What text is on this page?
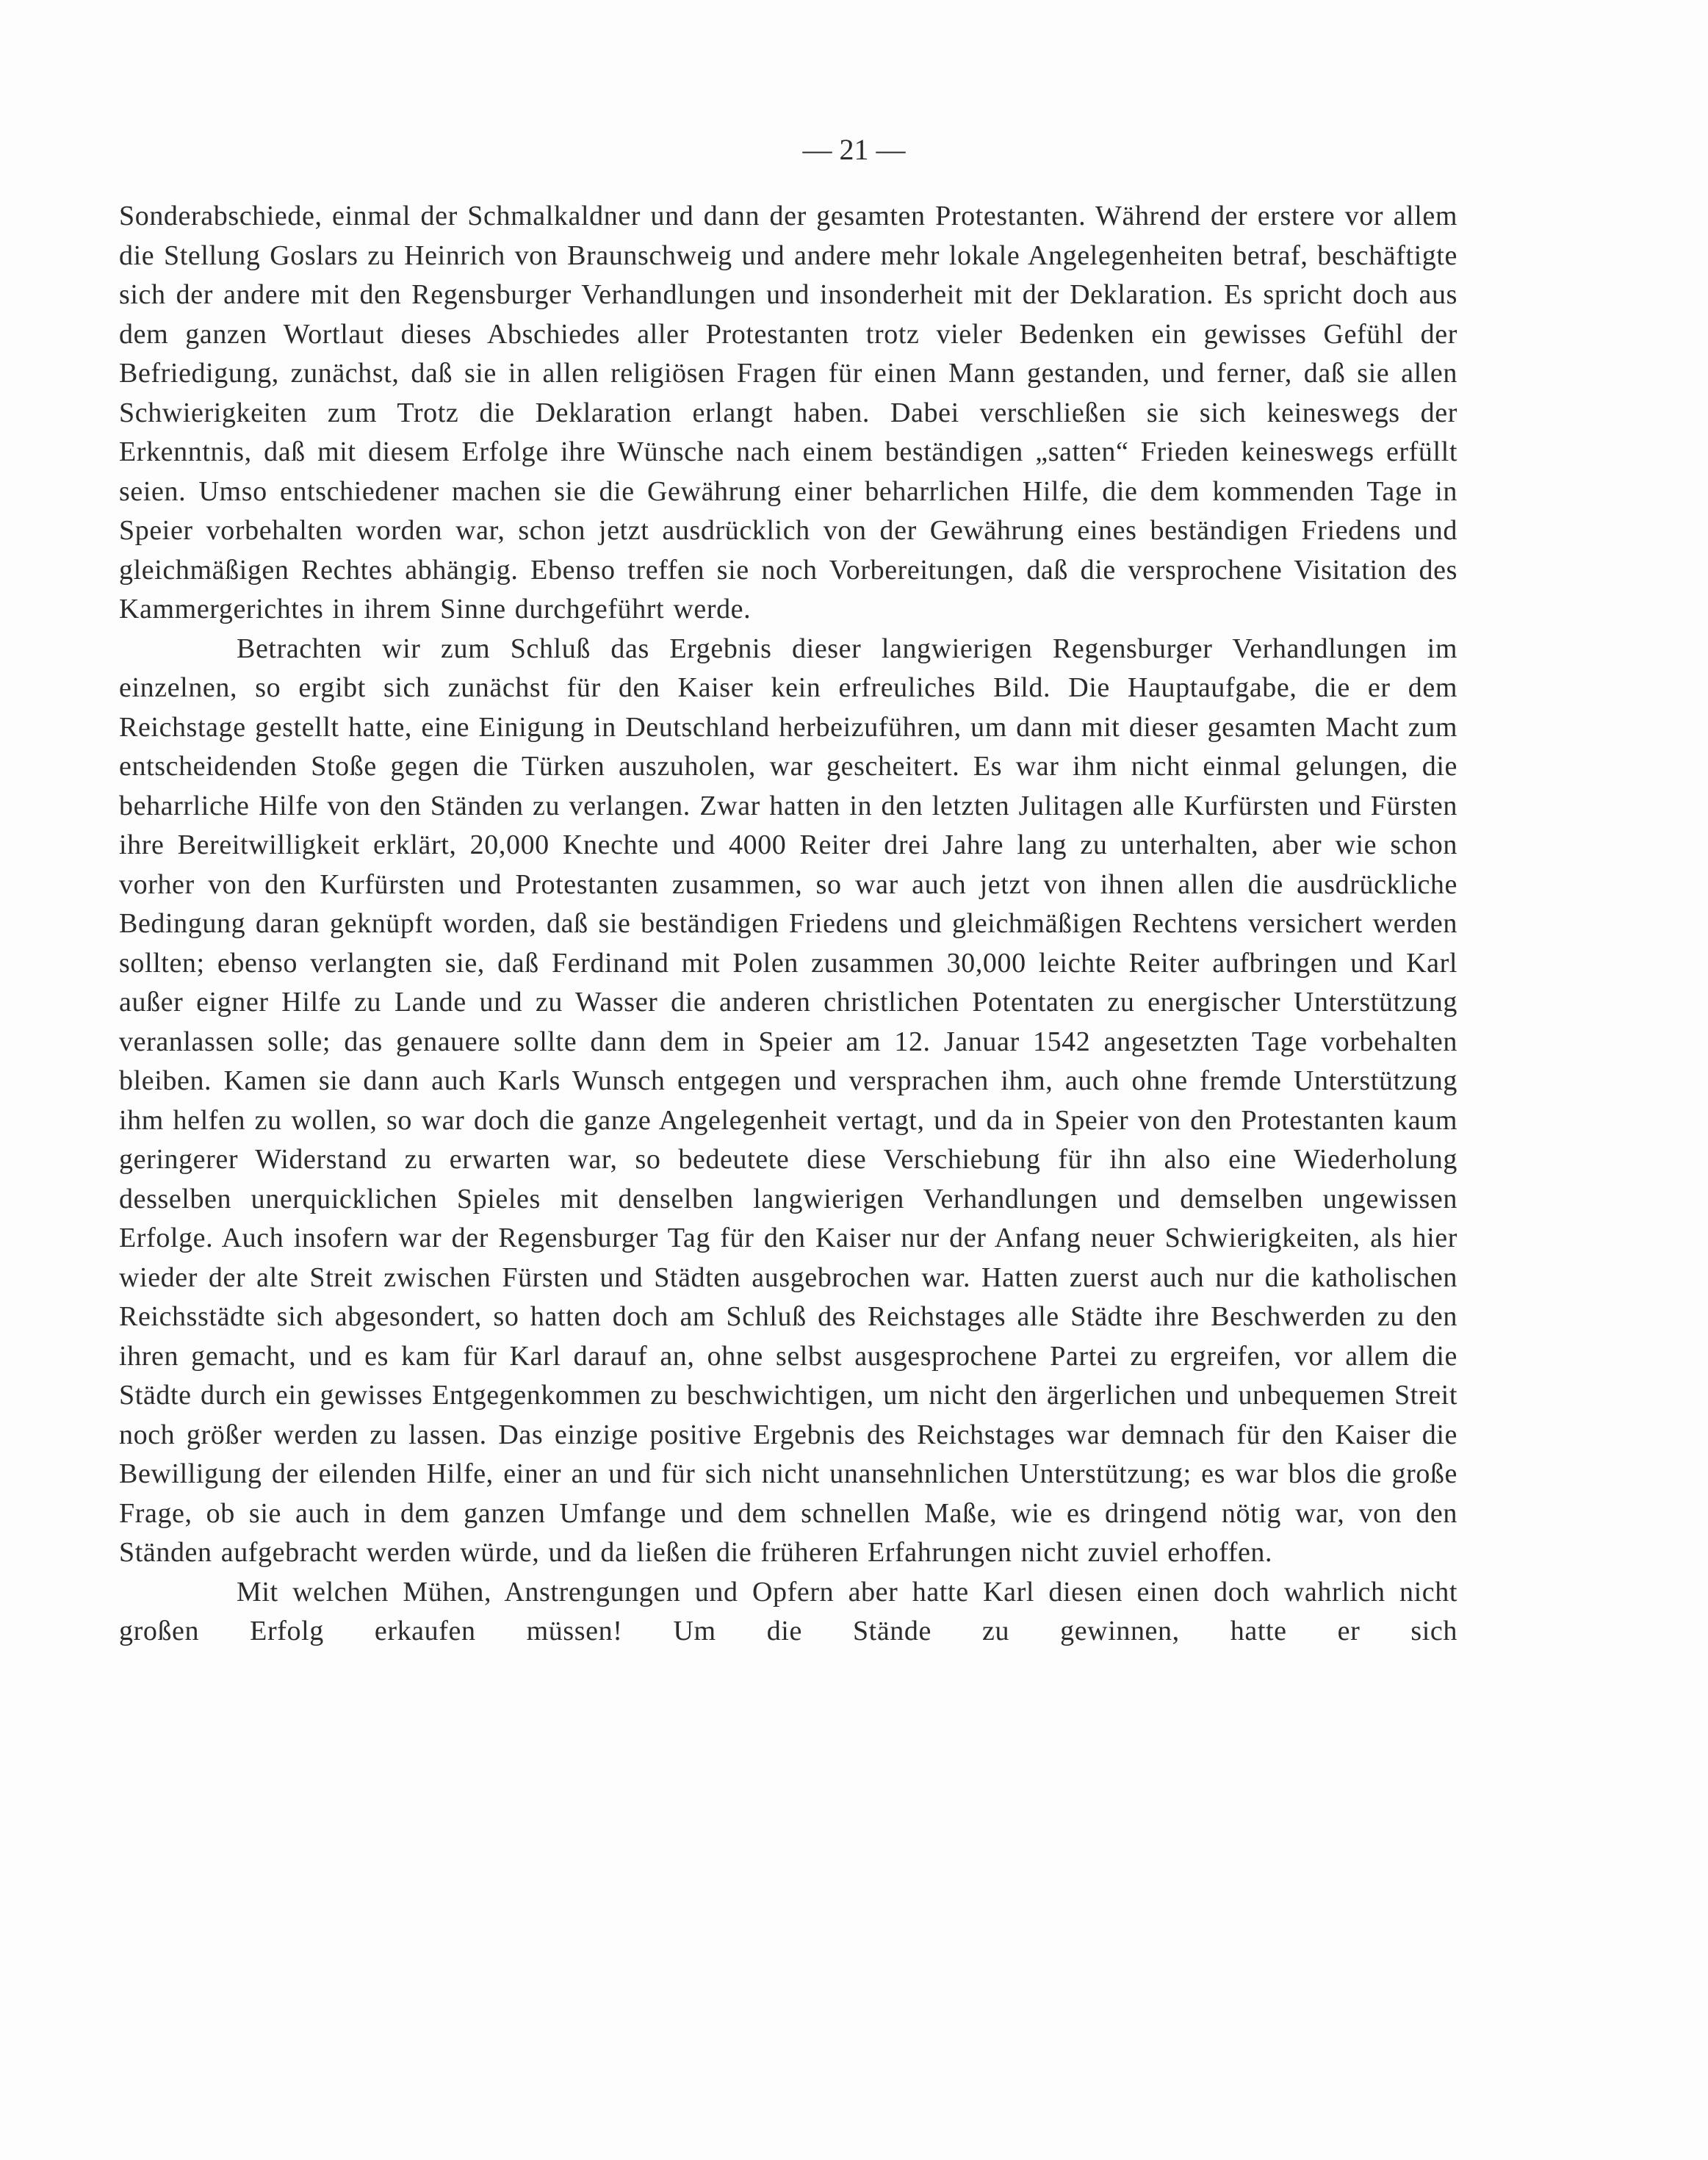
— 21 —

Sonderabschiede, einmal der Schmalkaldner und dann der gesamten Protestanten. Während der erstere vor allem die Stellung Goslars zu Heinrich von Braunschweig und andere mehr lokale Angelegenheiten betraf, beschäftigte sich der andere mit den Regensburger Verhandlungen und insonderheit mit der Deklaration. Es spricht doch aus dem ganzen Wortlaut dieses Abschiedes aller Protestanten trotz vieler Bedenken ein gewisses Gefühl der Befriedigung, zunächst, daß sie in allen religiösen Fragen für einen Mann gestanden, und ferner, daß sie allen Schwierigkeiten zum Trotz die Deklaration erlangt haben. Dabei verschließen sie sich keineswegs der Erkenntnis, daß mit diesem Erfolge ihre Wünsche nach einem beständigen „satten“ Frieden keineswegs erfüllt seien. Umso entschiedener machen sie die Gewährung einer beharrlichen Hilfe, die dem kommenden Tage in Speier vorbehalten worden war, schon jetzt ausdrücklich von der Gewährung eines beständigen Friedens und gleichmäßigen Rechtes abhängig. Ebenso treffen sie noch Vorbereitungen, daß die versprochene Visitation des Kammergerichtes in ihrem Sinne durchgeführt werde.

Betrachten wir zum Schluß das Ergebnis dieser langwierigen Regensburger Verhandlungen im einzelnen, so ergibt sich zunächst für den Kaiser kein erfreuliches Bild. Die Hauptaufgabe, die er dem Reichstage gestellt hatte, eine Einigung in Deutschland herbeizuführen, um dann mit dieser gesamten Macht zum entscheidenden Stoße gegen die Türken auszuholen, war gescheitert. Es war ihm nicht einmal gelungen, die beharrliche Hilfe von den Ständen zu verlangen. Zwar hatten in den letzten Julitagen alle Kurfürsten und Fürsten ihre Bereitwilligkeit erklärt, 20,000 Knechte und 4000 Reiter drei Jahre lang zu unterhalten, aber wie schon vorher von den Kurfürsten und Protestanten zusammen, so war auch jetzt von ihnen allen die ausdrückliche Bedingung daran geknüpft worden, daß sie beständigen Friedens und gleichmäßigen Rechtens versichert werden sollten; ebenso verlangten sie, daß Ferdinand mit Polen zusammen 30,000 leichte Reiter aufbringen und Karl außer eigner Hilfe zu Lande und zu Wasser die anderen christlichen Potentaten zu energischer Unterstützung veranlassen solle; das genauere sollte dann dem in Speier am 12. Januar 1542 angesetzten Tage vorbehalten bleiben. Kamen sie dann auch Karls Wunsch entgegen und versprachen ihm, auch ohne fremde Unterstützung ihm helfen zu wollen, so war doch die ganze Angelegenheit vertagt, und da in Speier von den Protestanten kaum geringerer Widerstand zu erwarten war, so bedeutete diese Verschiebung für ihn also eine Wiederholung desselben unerquicklichen Spieles mit denselben langwierigen Verhandlungen und demselben ungewissen Erfolge. Auch insofern war der Regensburger Tag für den Kaiser nur der Anfang neuer Schwierigkeiten, als hier wieder der alte Streit zwischen Fürsten und Städten ausgebrochen war. Hatten zuerst auch nur die katholischen Reichsstädte sich abgesondert, so hatten doch am Schluß des Reichstages alle Städte ihre Beschwerden zu den ihren gemacht, und es kam für Karl darauf an, ohne selbst ausgesprochene Partei zu ergreifen, vor allem die Städte durch ein gewisses Entgegenkommen zu beschwichtigen, um nicht den ärgerlichen und unbequemen Streit noch größer werden zu lassen. Das einzige positive Ergebnis des Reichstages war demnach für den Kaiser die Bewilligung der eilenden Hilfe, einer an und für sich nicht unansehnlichen Unterstützung; es war blos die große Frage, ob sie auch in dem ganzen Umfange und dem schnellen Maße, wie es dringend nötig war, von den Ständen aufgebracht werden würde, und da ließen die früheren Erfahrungen nicht zuviel erhoffen.

Mit welchen Mühen, Anstrengungen und Opfern aber hatte Karl diesen einen doch wahrlich nicht großen Erfolg erkaufen müssen! Um die Stände zu gewinnen, hatte er sich
